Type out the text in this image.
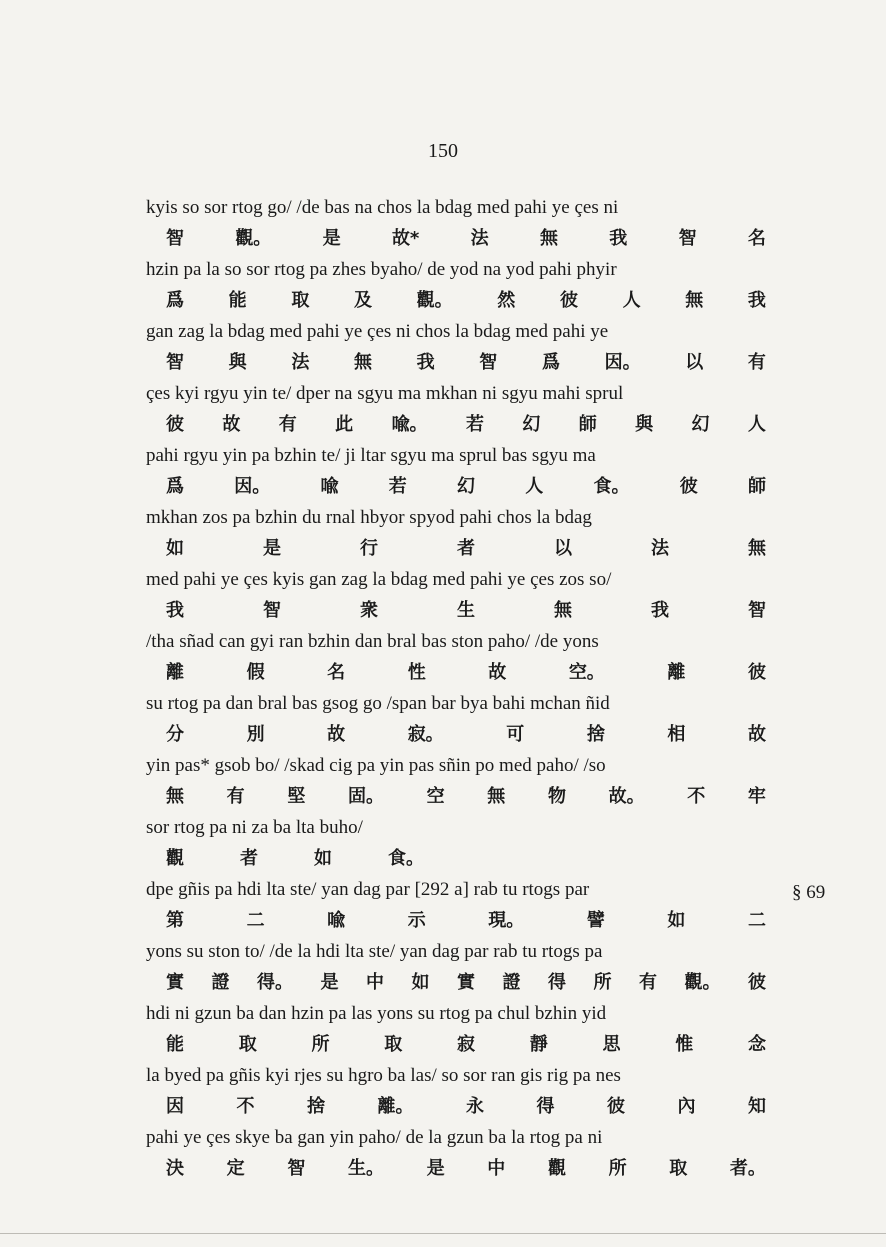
150
kyis so sor rtog go/ /de bas na chos la bdag med pahi ye çes ni
智	觀。	是	故*	法	無	我	智	名
hzin pa la so sor rtog pa zhes byaho/ de yod na yod pahi phyir
爲 能 取 及 觀。 然 彼 人 無 我
gan zag la bdag med pahi ye çes ni chos la bdag med pahi ye
智 與 法 無 我 智 爲 因。 以 有
çes kyi rgyu yin te/ dper na sgyu ma mkhan ni sgyu mahi sprul
彼 故 有 此 喩。 若 幻 師 與 幻 人
pahi rgyu yin pa bzhin te/ ji ltar sgyu ma sprul bas sgyu ma
爲	因。	喩	若	幻	人	食。	彼	師
mkhan zos pa bzhin du rnal hbyor spyod pahi chos la bdag
如	是	行	者	以	法	無
med pahi ye çes kyis gan zag la bdag med pahi ye çes zos so/
我	智	衆	生	無	我	智
/tha sñad can gyi ran bzhin dan bral bas ston paho/ /de yons
離	假	名	性	故	空。	離	彼
su rtog pa dan bral bas gsog go /span bar bya bahi mchan ñid
分	別	故	寂。	可	捨	相	故
yin pas* gsob bo/ /skad cig pa yin pas sñin po med paho/ /so
無 有 堅 固。 空 無 物 故。 不 牢
sor rtog pa ni za ba lta buho/
觀	者	如	食。
dpe gñis pa hdi lta ste/ yan dag par [292 a] rab tu rtogs par
第	二	喩	示	現。	譬	如	二
yons su ston to/ /de la hdi lta ste/ yan dag par rab tu rtogs pa
實 證 得。 是 中 如 實 證 得 所 有 觀。 彼
hdi ni gzun ba dan hzin pa las yons su rtog pa chul bzhin yid
能	取	所	取	寂	靜	思	惟	念
la byed pa gñis kyi rjes su hgro ba las/ so sor ran gis rig pa nes
因	不	捨	離。	永	得	彼	內	知
pahi ye çes skye ba gan yin paho/ de la gzun ba la rtog pa ni
決 定 智 生。 是 中 觀 所 取 者。
§ 69
